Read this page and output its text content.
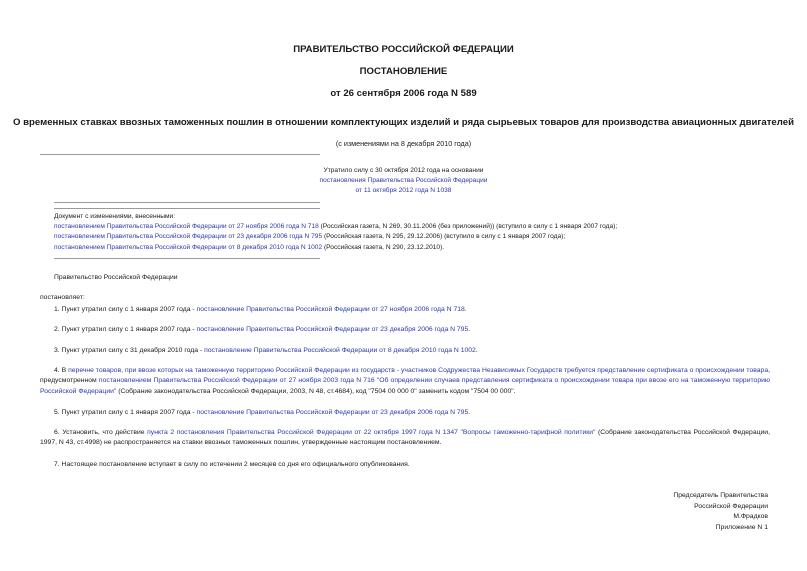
ПРАВИТЕЛЬСТВО РОССИЙСКОЙ ФЕДЕРАЦИИ
ПОСТАНОВЛЕНИЕ
от 26 сентября 2006 года N 589
О временных ставках ввозных таможенных пошлин в отношении комплектующих изделий и ряда сырьевых товаров для производства авиационных двигателей
(с изменениями на 8 декабря 2010 года)
Утратило силу с 30 октября 2012 года на основании
постановления Правительства Российской Федерации
от 11 октября 2012 года N 1038
Документ с изменениями, внесенными:
постановлением Правительства Российской Федерации от 27 ноября 2006 года N 718 (Российская газета, N 269, 30.11.2006 (без приложений)) (вступило в силу с 1 января 2007 года);
постановлением Правительства Российской Федерации от 23 декабря 2006 года N 795 (Российская газета, N 295, 29.12.2006) (вступило в силу с 1 января 2007 года);
постановлением Правительства Российской Федерации от 8 декабря 2010 года N 1002 (Российская газета, N 290, 23.12.2010).
Правительство Российской Федерации
постановляет:
1. Пункт утратил силу с 1 января 2007 года - постановление Правительства Российской Федерации от 27 ноября 2006 года N 718.
2. Пункт утратил силу с 1 января 2007 года - постановление Правительства Российской Федерации от 23 декабря 2006 года N 795.
3. Пункт утратил силу с 31 декабря 2010 года - постановление Правительства Российской Федерации от 8 декабря 2010 года N 1002.
4. В перечне товаров, при ввозе которых на таможенную территорию Российской Федерации из государств - участников Содружества Независимых Государств требуется представление сертификата о происхождении товара, предусмотренном постановлением Правительства Российской Федерации от 27 ноября 2003 года N 716 "Об определении случаев представления сертификата о происхождении товара при ввозе его на таможенную территорию Российской Федерации" (Собрание законодательства Российской Федерации, 2003, N 48, ст.4684), код "7504 00 000 0" заменить кодом "7504 00 000".
5. Пункт утратил силу с 1 января 2007 года - постановление Правительства Российской Федерации от 23 декабря 2006 года N 795.
6. Установить, что действие пункта 2 постановления Правительства Российской Федерации от 22 октября 1997 года N 1347 "Вопросы таможенно-тарифной политики" (Собрание законодательства Российской Федерации, 1997, N 43, ст.4998) не распространяется на ставки ввозных таможенных пошлин, утвержденные настоящим постановлением.
7. Настоящее постановление вступает в силу по истечении 2 месяцев со дня его официального опубликования.
Председатель Правительства
Российской Федерации
М.Фрадков
Приложение N 1
